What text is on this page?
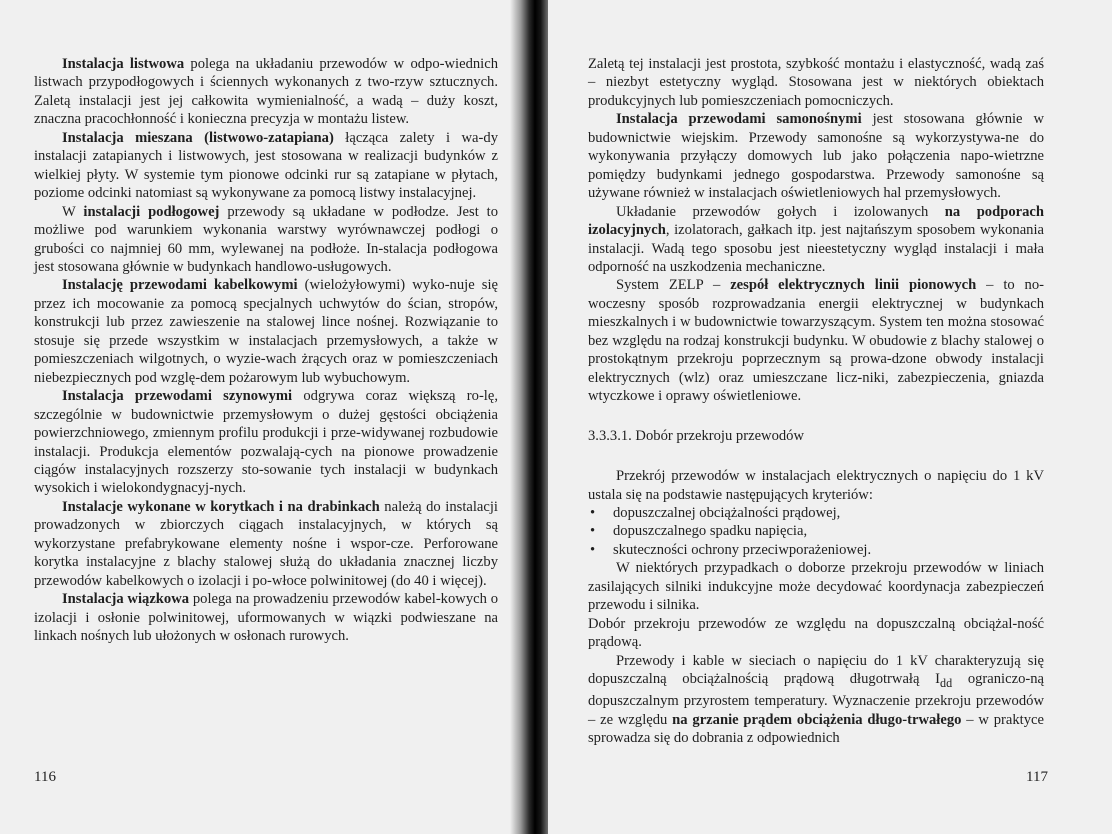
Instalacja listwowa polega na układaniu przewodów w odpo-wiednich listwach przypodłogowych i ściennych wykonanych z two-rzyw sztucznych. Zaletą instalacji jest jej całkowita wymienialność, a wadą – duży koszt, znaczna pracochłonność i konieczna precyzja w montażu listew.

Instalacja mieszana (listwowo-zatapiana) łącząca zalety i wa-dy instalacji zatapianych i listwowych, jest stosowana w realizacji budynków z wielkiej płyty. W systemie tym pionowe odcinki rur są zatapiane w płytach, poziome odcinki natomiast są wykonywane za pomocą listwy instalacyjnej.

W instalacji podłogowej przewody są układane w podłodze. Jest to możliwe pod warunkiem wykonania warstwy wyrównawczej podłogi o grubości co najmniej 60 mm, wylewanej na podłoże. In-stalacja podłogowa jest stosowana głównie w budynkach handlowo-usługowych.

Instalację przewodami kabelkowymi (wielożyłowymi) wyko-nuje się przez ich mocowanie za pomocą specjalnych uchwytów do ścian, stropów, konstrukcji lub przez zawieszenie na stalowej lince nośnej. Rozwiązanie to stosuje się przede wszystkim w instalacjach przemysłowych, a także w pomieszczeniach wilgotnych, o wyzie-wach żrących oraz w pomieszczeniach niebezpiecznych pod wzglę-dem pożarowym lub wybuchowym.

Instalacja przewodami szynowymi odgrywa coraz większą ro-lę, szczególnie w budownictwie przemysłowym o dużej gęstości obciążenia powierzchniowego, zmiennym profilu produkcji i prze-widywanej rozbudowie instalacji. Produkcja elementów pozwalają-cych na pionowe prowadzenie ciągów instalacyjnych rozszerzy sto-sowanie tych instalacji w budynkach wysokich i wielokondygnacyj-nych.

Instalacje wykonane w korytkach i na drabinkach należą do instalacji prowadzonych w zbiorczych ciągach instalacyjnych, w których są wykorzystane prefabrykowane elementy nośne i wspor-cze. Perforowane korytka instalacyjne z blachy stalowej służą do układania znacznej liczby przewodów kabelkowych o izolacji i po-włoce polwinitowej (do 40 i więcej).

Instalacja wiązkowa polega na prowadzeniu przewodów kabel-kowych o izolacji i osłonie polwinitowej, uformowanych w wiązki podwieszane na linkach nośnych lub ułożonych w osłonach rurowych.

116

Zaletą tej instalacji jest prostota, szybkość montażu i elastyczność, wadą zaś – niezbyt estetyczny wygląd. Stosowana jest w niektórych obiektach produkcyjnych lub pomieszczeniach pomocniczych.

Instalacja przewodami samonośnymi jest stosowana głównie w budownictwie wiejskim. Przewody samonośne są wykorzystywa-ne do wykonywania przyłączy domowych lub jako połączenia napo-wietrzne pomiędzy budynkami jednego gospodarstwa. Przewody samonośne są używane również w instalacjach oświetleniowych hal przemysłowych.

Układanie przewodów gołych i izolowanych na podporach izolacyjnych, izolatorach, gałkach itp. jest najtańszym sposobem wykonania instalacji. Wadą tego sposobu jest nieestetyczny wygląd instalacji i mała odporność na uszkodzenia mechaniczne.

System ZELP – zespół elektrycznych linii pionowych – to no-woczesny sposób rozprowadzania energii elektrycznej w budynkach mieszkalnych i w budownictwie towarzyszącym. System ten można stosować bez względu na rodzaj konstrukcji budynku. W obudowie z blachy stalowej o prostokątnym przekroju poprzecznym są prowa-dzone obwody instalacji elektrycznych (wlz) oraz umieszczane licz-niki, zabezpieczenia, gniazda wtyczkowe i oprawy oświetleniowe.

3.3.3.1. Dobór przekroju przewodów

Przekrój przewodów w instalacjach elektrycznych o napięciu do 1 kV ustala się na podstawie następujących kryteriów:

• dopuszczalnej obciążalności prądowej,
• dopuszczalnego spadku napięcia,
• skuteczności ochrony przeciwporażeniowej.

W niektórych przypadkach o doborze przekroju przewodów w liniach zasilających silniki indukcyjne może decydować koordynacja zabezpieczeń przewodu i silnika.

Dobór przekroju przewodów ze względu na dopuszczalną obciążal-ność prądową.

Przewody i kable w sieciach o napięciu do 1 kV charakteryzują się dopuszczalną obciążalnością prądową długotrwałą $I_{dd}$ ograniczo-ną dopuszczalnym przyrostem temperatury. Wyznaczenie przekroju przewodów – ze względu na grzanie prądem obciążenia długo-trwałego – w praktyce sprowadza się do dobrania z odpowiednich

117
